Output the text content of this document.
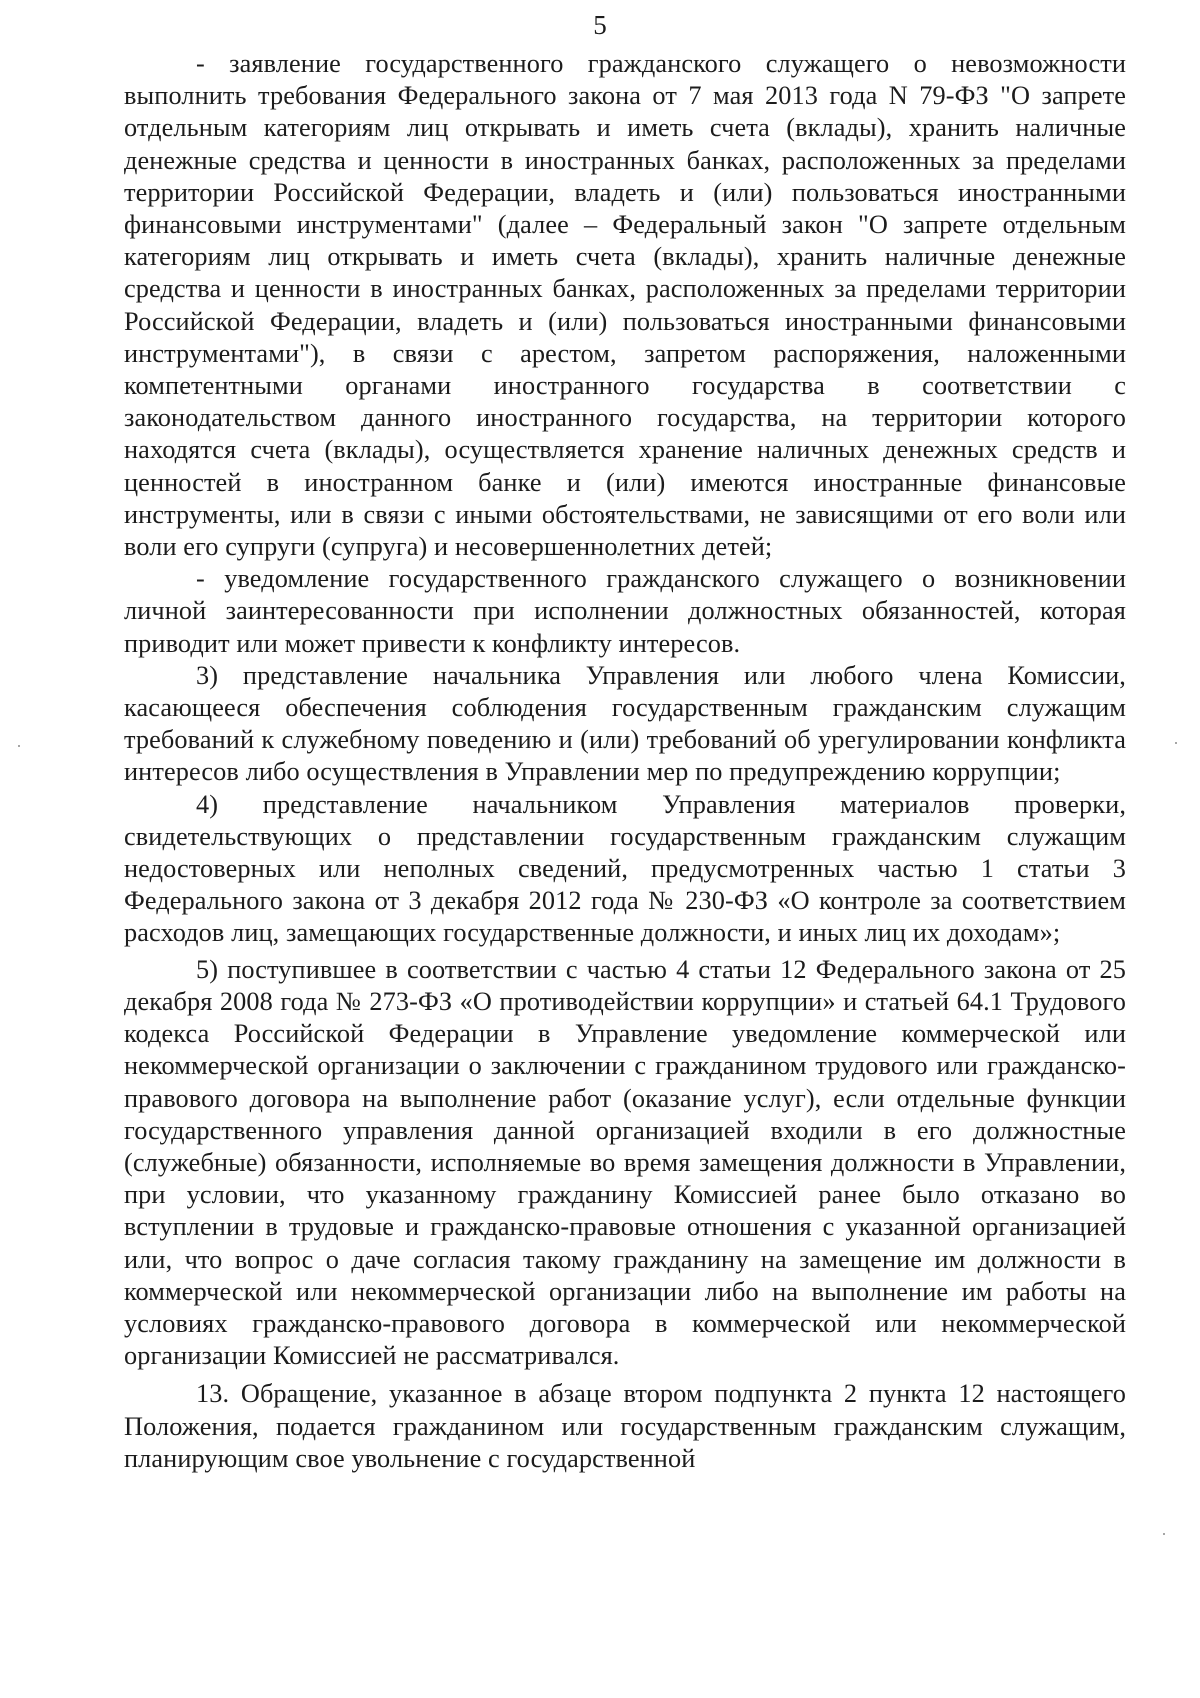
5

- заявление государственного гражданского служащего о невозможности выполнить требования Федерального закона от 7 мая 2013 года N 79-ФЗ "О запрете отдельным категориям лиц открывать и иметь счета (вклады), хранить наличные денежные средства и ценности в иностранных банках, расположенных за пределами территории Российской Федерации, владеть и (или) пользоваться иностранными финансовыми инструментами" (далее – Федеральный закон "О запрете отдельным категориям лиц открывать и иметь счета (вклады), хранить наличные денежные средства и ценности в иностранных банках, расположенных за пределами территории Российской Федерации, владеть и (или) пользоваться иностранными финансовыми инструментами"), в связи с арестом, запретом распоряжения, наложенными компетентными органами иностранного государства в соответствии с законодательством данного иностранного государства, на территории которого находятся счета (вклады), осуществляется хранение наличных денежных средств и ценностей в иностранном банке и (или) имеются иностранные финансовые инструменты, или в связи с иными обстоятельствами, не зависящими от его воли или воли его супруги (супруга) и несовершеннолетних детей;

- уведомление государственного гражданского служащего о возникновении личной заинтересованности при исполнении должностных обязанностей, которая приводит или может привести к конфликту интересов.

3) представление начальника Управления или любого члена Комиссии, касающееся обеспечения соблюдения государственным гражданским служащим требований к служебному поведению и (или) требований об урегулировании конфликта интересов либо осуществления в Управлении мер по предупреждению коррупции;

4) представление начальником Управления материалов проверки, свидетельствующих о представлении государственным гражданским служащим недостоверных или неполных сведений, предусмотренных частью 1 статьи 3 Федерального закона от 3 декабря 2012 года № 230-ФЗ «О контроле за соответствием расходов лиц, замещающих государственные должности, и иных лиц их доходам»;

5) поступившее в соответствии с частью 4 статьи 12 Федерального закона от 25 декабря 2008 года № 273-ФЗ «О противодействии коррупции» и статьей 64.1 Трудового кодекса Российской Федерации в Управление уведомление коммерческой или некоммерческой организации о заключении с гражданином трудового или гражданско-правового договора на выполнение работ (оказание услуг), если отдельные функции государственного управления данной организацией входили в его должностные (служебные) обязанности, исполняемые во время замещения должности в Управлении, при условии, что указанному гражданину Комиссией ранее было отказано во вступлении в трудовые и гражданско-правовые отношения с указанной организацией или, что вопрос о даче согласия такому гражданину на замещение им должности в коммерческой или некоммерческой организации либо на выполнение им работы на условиях гражданско-правового договора в коммерческой или некоммерческой организации Комиссией не рассматривался.

13. Обращение, указанное в абзаце втором подпункта 2 пункта 12 настоящего Положения, подается гражданином или государственным гражданским служащим, планирующим свое увольнение с государственной
